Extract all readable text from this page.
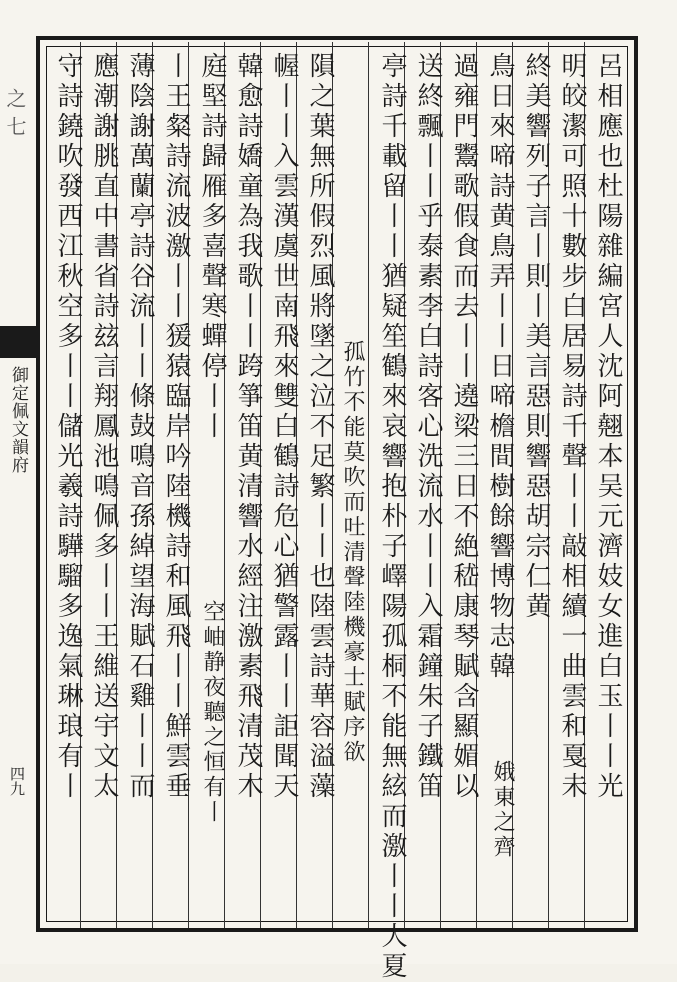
之七
御定佩文韻府
四九	呂相應也杜陽雜編宮人沈阿翹本吴元濟妓女進白玉丨丨光
明皎潔可照十數步白居易詩千聲丨丨敲相續一曲雲和戛未
終美響列子言丨則丨美言惡則響惡胡宗仁黄
鳥日來啼詩黄鳥弄丨丨日啼檐間樹餘響博物志韓
娥東之齊
過雍門鬻歌假食而去丨丨遶梁三日不絶嵇康琴賦含顯媚以
送終飄丨丨乎泰素李白詩客心洗流水丨丨入霜鐘朱子鐵笛
亭詩千載留丨丨猶疑笙鶴來哀響抱朴子嶧陽孤桐不能無絃而激丨丨大夏
孤竹不能莫吹而吐清聲陸機豪士賦序欲
隕之葉無所假烈風將墜之泣不足繁丨丨也陸雲詩華容溢藻
幄丨丨入雲漢虞世南飛來雙白鶴詩危心猶警露丨丨詎聞天
韓愈詩嬌童為我歌丨丨跨箏笛黄清響水經注激素飛清茂木
空岫静夜聽之恒有丨
庭堅詩歸雁多喜聲寒蟬停丨丨
丨王粲詩流波激丨丨猨猿臨岸吟陸機詩和風飛丨丨鮮雲垂
薄陰謝萬蘭亭詩谷流丨丨條鼔鳴音孫綽望海賦石雞丨丨而
應潮謝朓直中書省詩玆言翔鳳池鳴佩多丨丨王維送宇文太
守詩鐃吹發西江秋空多丨丨儲光羲詩驊騮多逸氣琳琅有丨
